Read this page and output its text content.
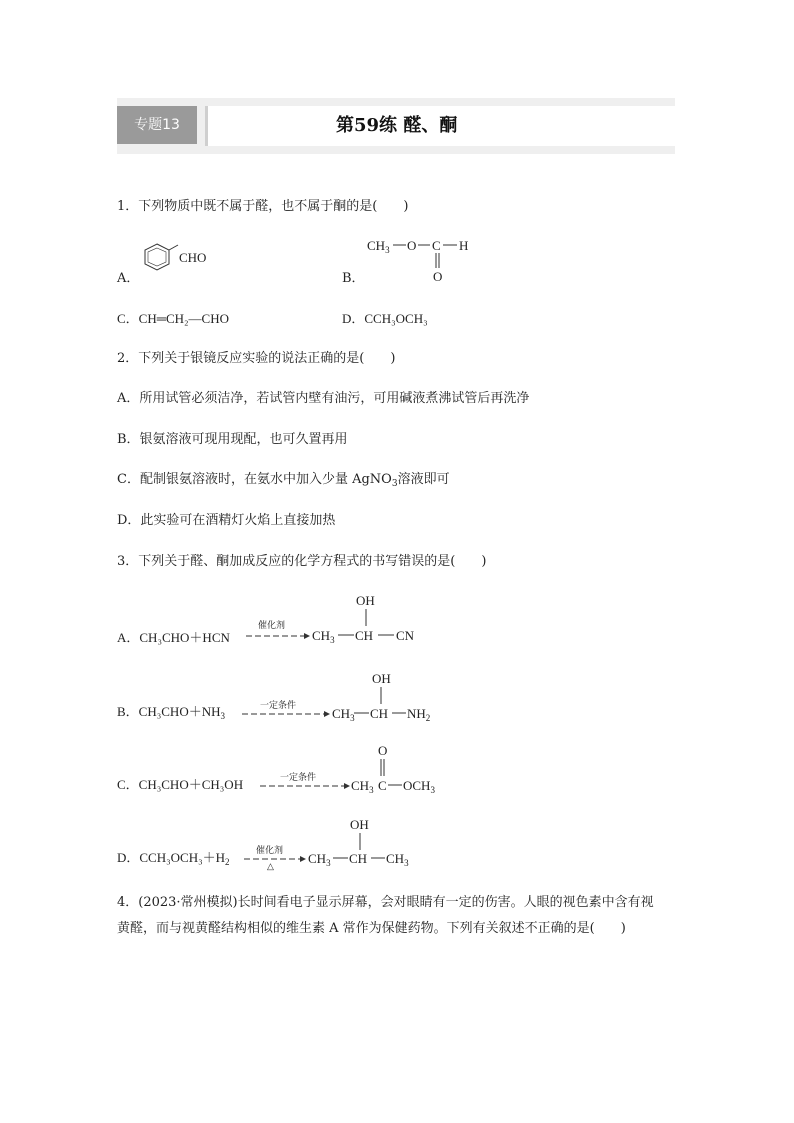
专题13	第59练 醛、酮
1．下列物质中既不属于醛，也不属于酮的是(　　)
A．
CHO
B．
$CH_3$ O C H
O
C．CH═CH₂—CHO	D．CCH₃OCH₃
2．下列关于银镜反应实验的说法正确的是(　　)
A．所用试管必须洁净，若试管内壁有油污，可用碱液煮沸试管后再洗净
B．银氨溶液可现用现配，也可久置再用
C．配制银氨溶液时，在氨水中加入少量 AgNO$_3$溶液即可
D．此实验可在酒精灯火焰上直接加热
3．下列关于醛、酮加成反应的化学方程式的书写错误的是(　　)
A．CH₃CHO＋HCN
催化剂
OH
$CH_3$ CH CN
B．$CH_3CHO+NH_3$
一定条件
OH
$CH_3$ CH $NH_2$
C．CH₃CHO＋CH₃OH	一定条件
O
$CH_3$ C $OCH_3$
D．$CCH_3OCH_3+H_2$
催化剂
△
OH
$CH_3$ CH $CH_3$
4．(2023·常州模拟)长时间看电子显示屏幕，会对眼睛有一定的伤害。人眼的视色素中含有视
黄醛，而与视黄醛结构相似的维生素 A 常作为保健药物。下列有关叙述不正确的是(　　)
